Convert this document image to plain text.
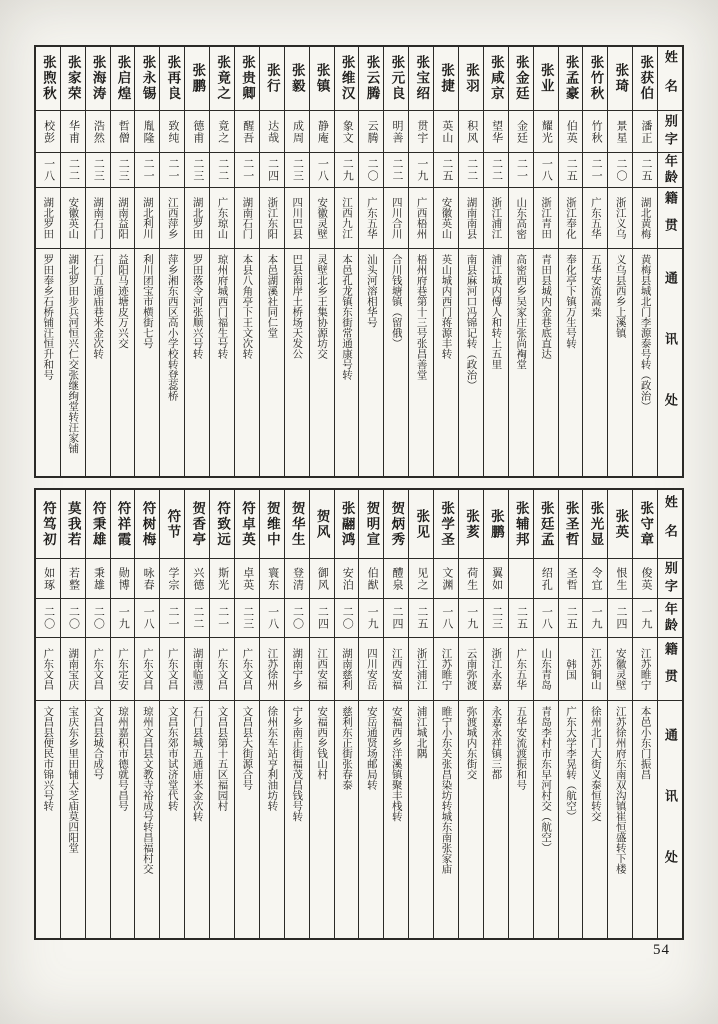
姓名
别字
年龄
籍贯
通讯处
张获伯
潘正
二五
湖北黄梅
黄梅县城北门李源泰号转（政治）
张琦
景星
二〇
浙江义乌
义乌县西乡上溪镇
张竹秋
竹秋
二一
广东五华
五华安流嵩桒
张孟豪
伯英
二五
浙江奉化
奉化亭下镇万生号转
张业
耀光
一八
浙江青田
青田县城内金巷底直达
张金廷
金廷
二一
山东高密
高密西乡吴家庄张尚裪堂
张咸京
望华
二二
浙江浦江
浦江城内傅人和转上五里
张羽
积风
二二
湖南南县
南县麻河口冯锦记转（政治）
张捷
英山
二五
安徽英山
英山城内西门蒋源丰转
张宝绍
贯宇
一九
广西梧州
梧州府巷第十三号张昌善堂
张元良
明善
二二
四川合川
合川钱塘镇（留俄）
张云腾
云腾
二〇
广东五华
汕头河溶相华号
张维汉
象文
二九
江西九江
本邑孔龙镇东街常通康号转
张镇
静庵
一八
安徽灵壁
灵壁北乡王集协源坊交
张毅
成周
二三
四川巴县
巴县南岸土桥场天发公
张行
达哉
二四
浙江东阳
本邑湖溪社同仁堂
张贵卿
醒吾
二一
湖南石门
本县八角亭下王文次转
张竟之
竟之
二二
广东琼山
琼州府城西门福生号转
张鹏
德甫
二三
湖北罗田
罗田落令河张顺兴号转
张再良
致纯
二一
江西萍乡
萍乡湘东西区高小学校转登蕊桥
张永锡
胤隆
二一
湖北利川
利川团宝市横街七号
张启煌
哲僧
二三
湖南益阳
益阳马迹塘皮万兴交
张海涛
浩然
二三
湖南石门
石门五通庙巷米金次转
张家荣
华甫
二二
安徽英山
湖北罗田步兵河恒兴仁交张继绚堂转汪家铺
张煦秋
校彭
一八
湖北罗田
罗田奉乡石桥铺汪恒升和号
姓名
别字
年龄
籍贯
通讯处
张守章
俊英
一九
江苏睢宁
本邑小东门振昌
张英
恨生
二四
安徽灵壁
江苏徐州府东南双沟镇崔恒盛转下楼
张光显
令宜
一九
江苏铜山
徐州北门大街义泰恒转交
张圣哲
圣哲
二五
韩国
广东大学李晃转（航空）
张廷孟
绍孔
一八
山东青岛
青岛李村市东早河村交（航空）
张辅邦
二五
广东五华
五华安流渡振和号
张鹏
翼如
二三
浙江永嘉
永嘉永祥镇三都
张荄
荷生
一九
云南弥渡
弥渡城内东街交
张学圣
文渊
一八
江苏睢宁
睢宁小东关张昌染坊转城东南张家庙
张见
见之
二五
浙江浦江
浦江城北隅
贺炳秀
醴泉
二四
江西安福
安福西乡洋溪镇聚丰栈转
贺明宣
伯猷
一九
四川安岳
安岳通贤场邮局转
张翮鸿
安泊
二〇
湖南慈利
慈利东正街张春泰
贺风
御风
二四
江西安福
安福西乡钱山村
贺华生
登清
二〇
湖南宁乡
宁乡南正街福茂昌钱号转
贺维中
寰东
一八
江苏徐州
徐州东车站亨利油坊转
符卓英
卓英
二三
广东文昌
文昌县大街源合号
符致远
斯光
二一
广东文昌
文昌县第十五区福园村
贺香亭
兴德
二二
湖南临澧
石门县城五通庙米金次转
符节
学宗
二一
广东文昌
文昌东郊市试济堂代转
符树梅
咏春
一八
广东文昌
琼州文昌县文教寺裕成号转昌福村交
符祥霞
勋博
一九
广东定安
琼州嘉积市德就号昌号
符秉雄
秉雄
二〇
广东文昌
文昌县城合成号
莫我若
若整
二〇
湖南宝庆
宝庆东乡里田铺大芝庙莫四阳堂
符笃初
如琢
二〇
广东文昌
文昌县便民市锦兴号转
54
